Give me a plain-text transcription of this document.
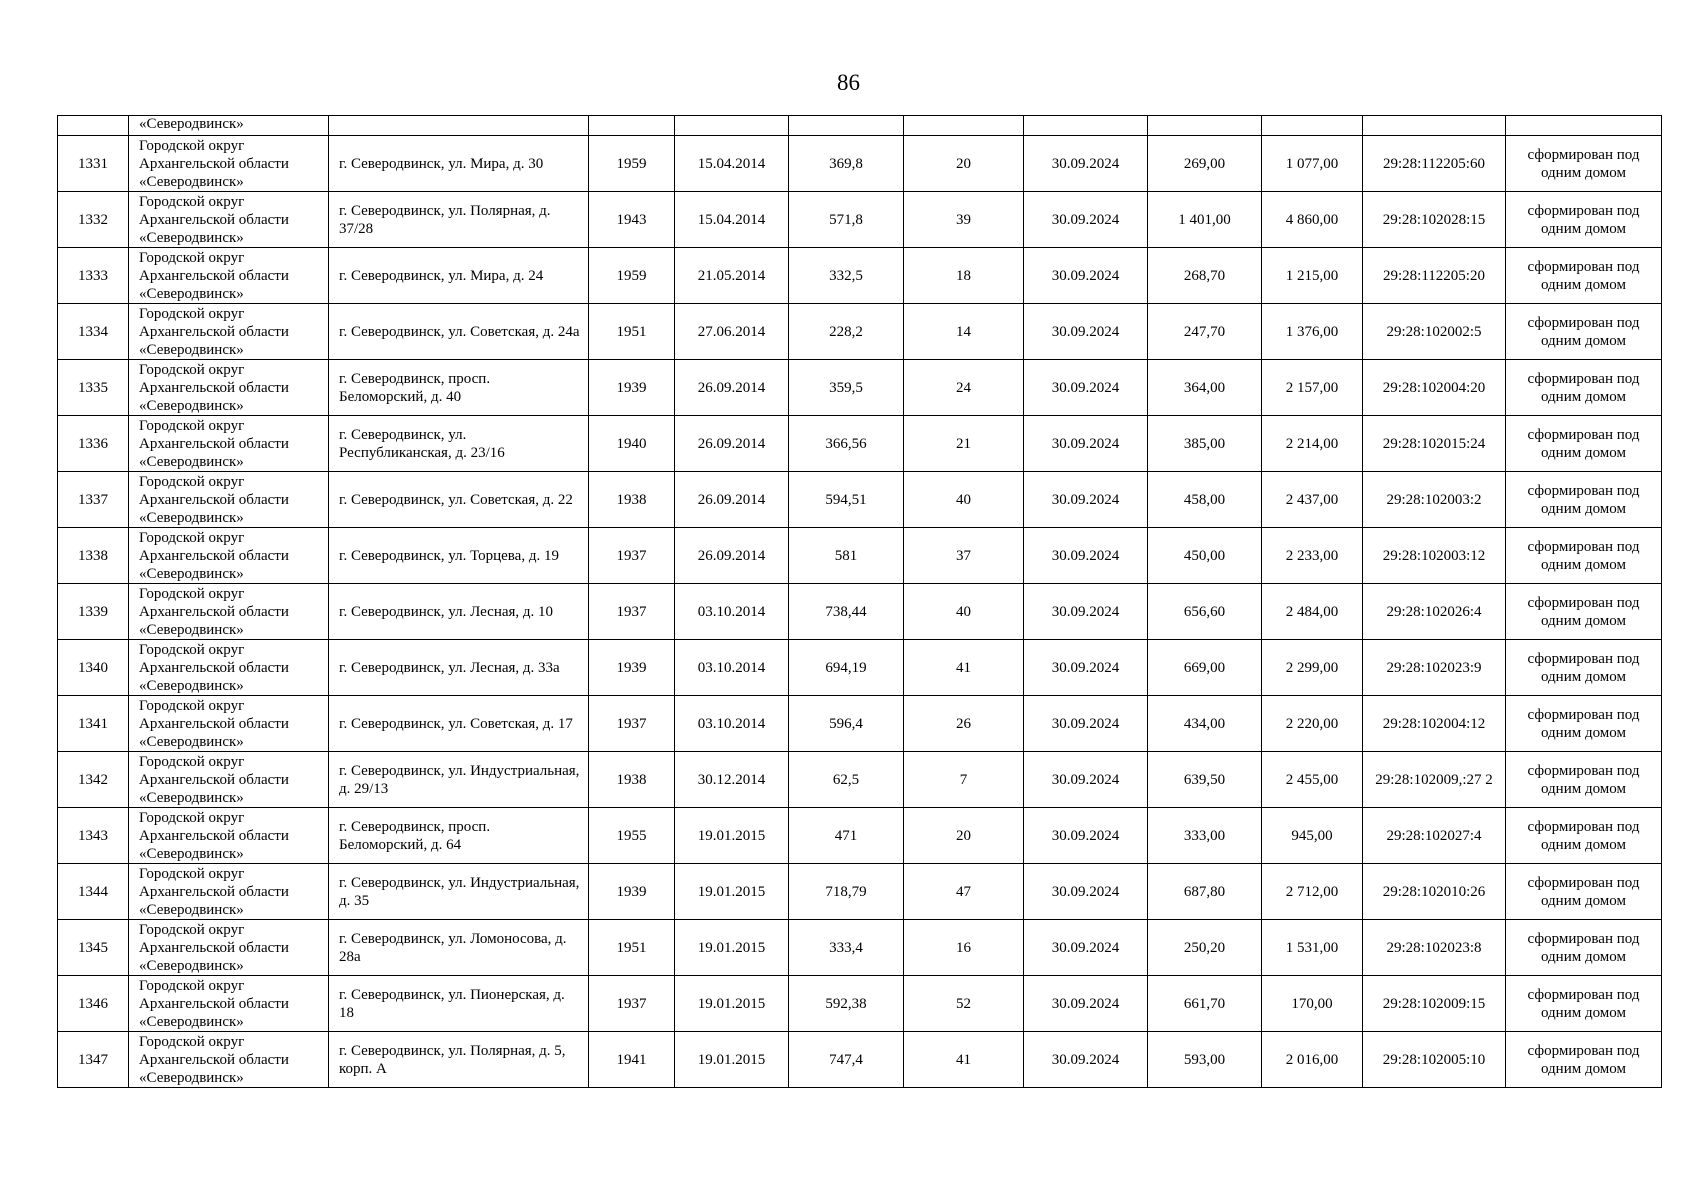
86
	«Северодвинск»										
1331	Городской округ Архангельской области «Северодвинск»	г. Северодвинск, ул. Мира, д. 30	1959	15.04.2014	369,8	20	30.09.2024	269,00	1 077,00	29:28:112205:60	сформирован под одним домом
1332	Городской округ Архангельской области «Северодвинск»	г. Северодвинск, ул. Полярная, д. 37/28	1943	15.04.2014	571,8	39	30.09.2024	1 401,00	4 860,00	29:28:102028:15	сформирован под одним домом
1333	Городской округ Архангельской области «Северодвинск»	г. Северодвинск, ул. Мира, д. 24	1959	21.05.2014	332,5	18	30.09.2024	268,70	1 215,00	29:28:112205:20	сформирован под одним домом
1334	Городской округ Архангельской области «Северодвинск»	г. Северодвинск, ул. Советская, д. 24а	1951	27.06.2014	228,2	14	30.09.2024	247,70	1 376,00	29:28:102002:5	сформирован под одним домом
1335	Городской округ Архангельской области «Северодвинск»	г. Северодвинск, просп. Беломорский, д. 40	1939	26.09.2014	359,5	24	30.09.2024	364,00	2 157,00	29:28:102004:20	сформирован под одним домом
1336	Городской округ Архангельской области «Северодвинск»	г. Северодвинск, ул. Республиканская, д. 23/16	1940	26.09.2014	366,56	21	30.09.2024	385,00	2 214,00	29:28:102015:24	сформирован под одним домом
1337	Городской округ Архангельской области «Северодвинск»	г. Северодвинск, ул. Советская, д. 22	1938	26.09.2014	594,51	40	30.09.2024	458,00	2 437,00	29:28:102003:2	сформирован под одним домом
1338	Городской округ Архангельской области «Северодвинск»	г. Северодвинск, ул. Торцева, д. 19	1937	26.09.2014	581	37	30.09.2024	450,00	2 233,00	29:28:102003:12	сформирован под одним домом
1339	Городской округ Архангельской области «Северодвинск»	г. Северодвинск, ул. Лесная, д. 10	1937	03.10.2014	738,44	40	30.09.2024	656,60	2 484,00	29:28:102026:4	сформирован под одним домом
1340	Городской округ Архангельской области «Северодвинск»	г. Северодвинск, ул. Лесная, д. 33а	1939	03.10.2014	694,19	41	30.09.2024	669,00	2 299,00	29:28:102023:9	сформирован под одним домом
1341	Городской округ Архангельской области «Северодвинск»	г. Северодвинск, ул. Советская, д. 17	1937	03.10.2014	596,4	26	30.09.2024	434,00	2 220,00	29:28:102004:12	сформирован под одним домом
1342	Городской округ Архангельской области «Северодвинск»	г. Северодвинск, ул. Индустриальная, д. 29/13	1938	30.12.2014	62,5	7	30.09.2024	639,50	2 455,00	29:28:102009,:27 2	сформирован под одним домом
1343	Городской округ Архангельской области «Северодвинск»	г. Северодвинск, просп. Беломорский, д. 64	1955	19.01.2015	471	20	30.09.2024	333,00	945,00	29:28:102027:4	сформирован под одним домом
1344	Городской округ Архангельской области «Северодвинск»	г. Северодвинск, ул. Индустриальная, д. 35	1939	19.01.2015	718,79	47	30.09.2024	687,80	2 712,00	29:28:102010:26	сформирован под одним домом
1345	Городской округ Архангельской области «Северодвинск»	г. Северодвинск, ул. Ломоносова, д. 28а	1951	19.01.2015	333,4	16	30.09.2024	250,20	1 531,00	29:28:102023:8	сформирован под одним домом
1346	Городской округ Архангельской области «Северодвинск»	г. Северодвинск, ул. Пионерская, д. 18	1937	19.01.2015	592,38	52	30.09.2024	661,70	170,00	29:28:102009:15	сформирован под одним домом
1347	Городской округ Архангельской области «Северодвинск»	г. Северодвинск, ул. Полярная, д. 5, корп. А	1941	19.01.2015	747,4	41	30.09.2024	593,00	2 016,00	29:28:102005:10	сформирован под одним домом
